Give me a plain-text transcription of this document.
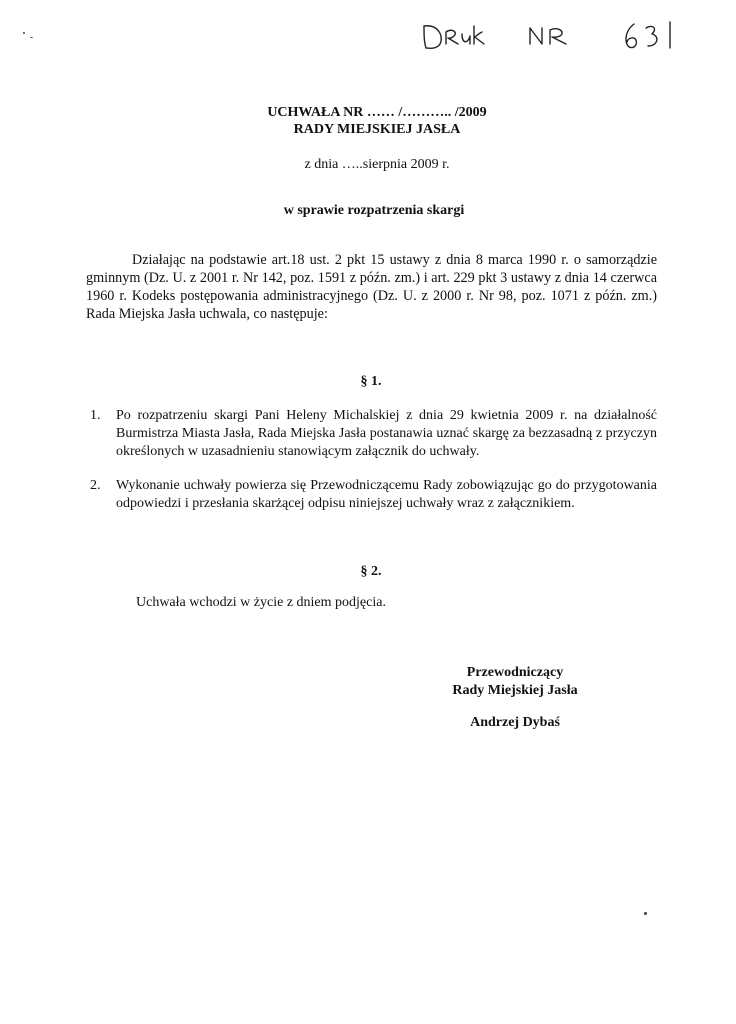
UCHWAŁA NR …… /……….. /2009
RADY MIEJSKIEJ JASŁA
z dnia …..sierpnia 2009 r.
w sprawie rozpatrzenia skargi
Działając na podstawie art.18 ust. 2 pkt 15 ustawy z dnia 8 marca 1990 r. o samorządzie gminnym (Dz. U. z 2001 r. Nr 142, poz. 1591 z późn. zm.) i art. 229 pkt 3 ustawy z dnia 14 czerwca 1960 r. Kodeks postępowania administracyjnego (Dz. U. z 2000 r. Nr 98, poz. 1071 z późn. zm.) Rada Miejska Jasła uchwala, co następuje:
§ 1.
1.	Po rozpatrzeniu skargi Pani Heleny Michalskiej z dnia 29 kwietnia 2009 r. na działalność Burmistrza Miasta Jasła, Rada Miejska Jasła postanawia uznać skargę za bezzasadną z przyczyn określonych w uzasadnieniu stanowiącym załącznik do uchwały.
2.	Wykonanie uchwały powierza się Przewodniczącemu Rady zobowiązując go do przygotowania odpowiedzi i przesłania skarżącej odpisu niniejszej uchwały wraz z załącznikiem.
§ 2.
Uchwała wchodzi w życie z dniem podjęcia.
Przewodniczący
Rady Miejskiej Jasła
Andrzej Dybaś
